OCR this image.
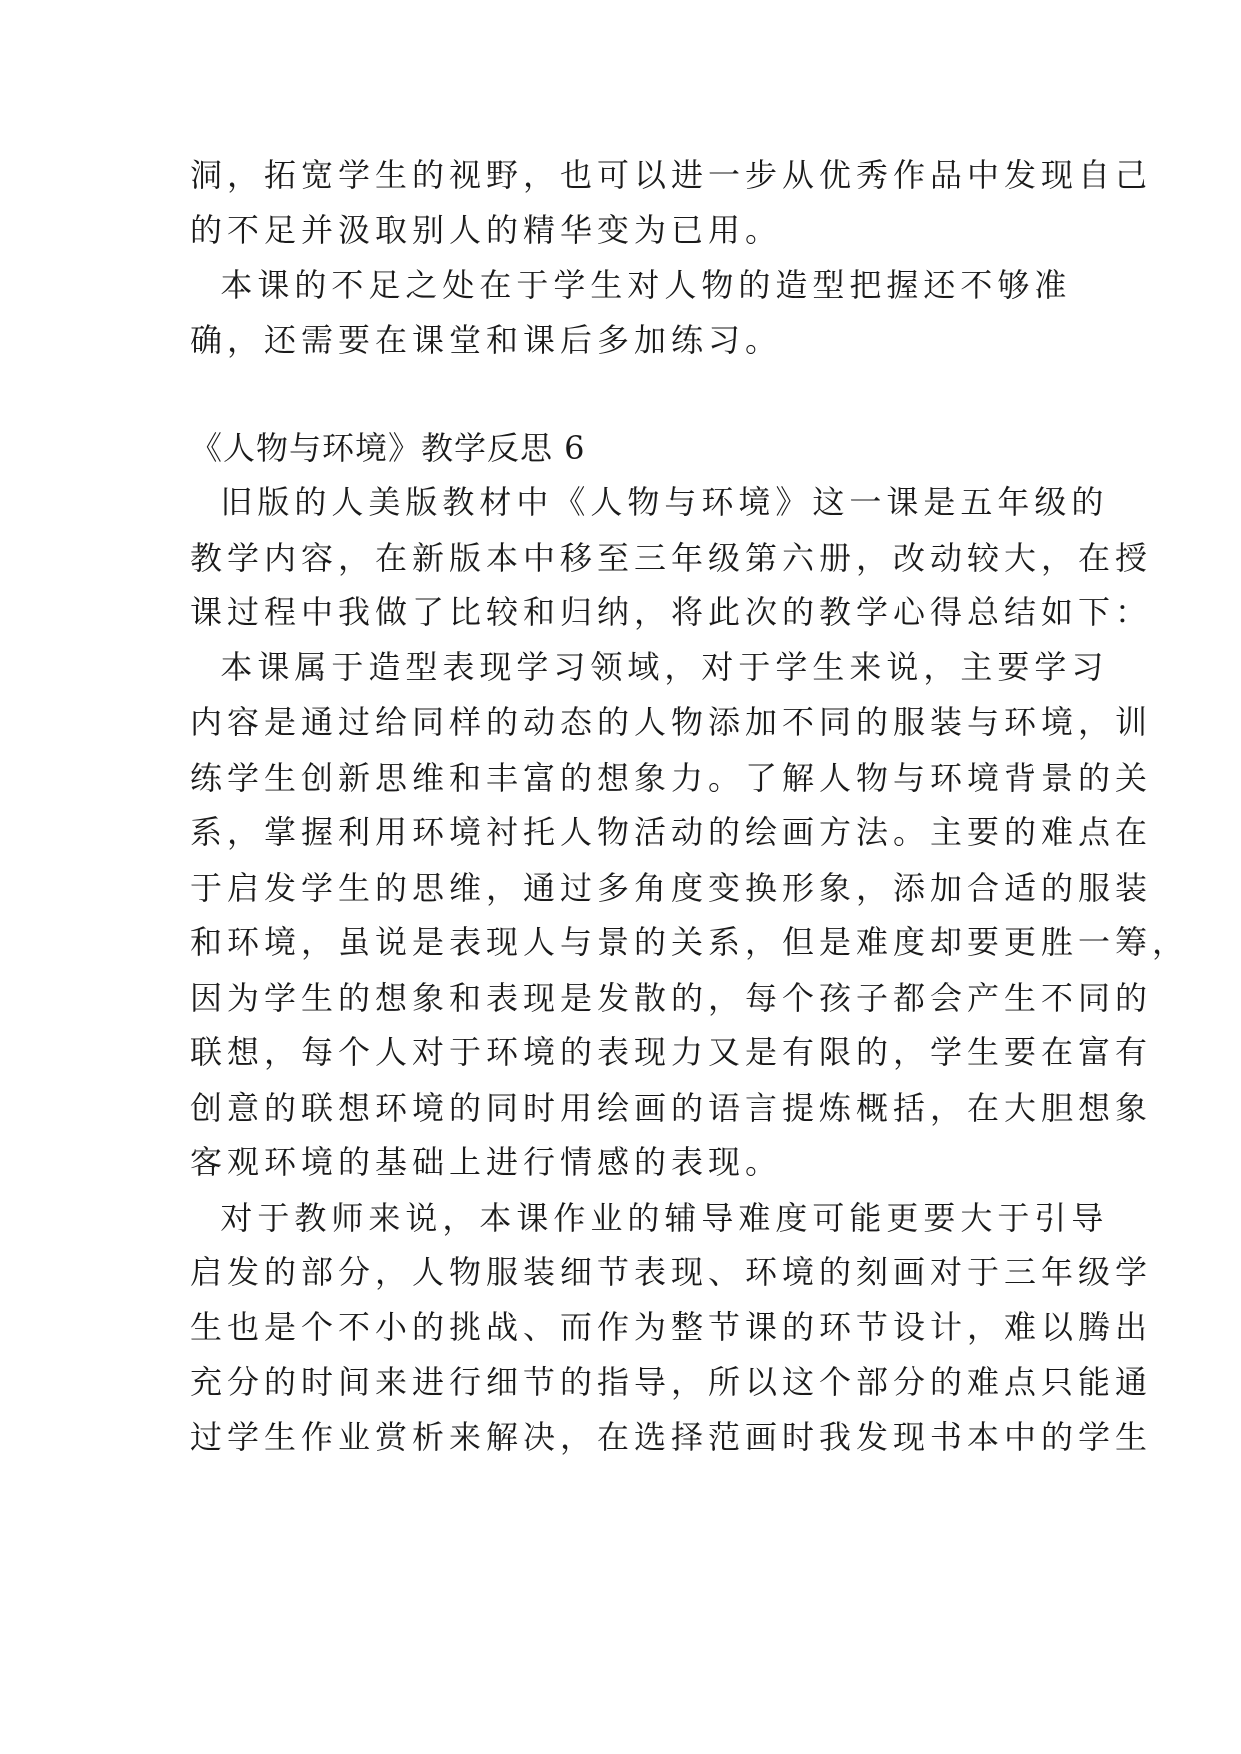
洞，拓宽学生的视野，也可以进一步从优秀作品中发现自己
的不足并汲取别人的精华变为已用。
本课的不足之处在于学生对人物的造型把握还不够准
确，还需要在课堂和课后多加练习。
《人物与环境》教学反思 6
旧版的人美版教材中《人物与环境》这一课是五年级的
教学内容，在新版本中移至三年级第六册，改动较大，在授
课过程中我做了比较和归纳，将此次的教学心得总结如下：
本课属于造型表现学习领域，对于学生来说，主要学习
内容是通过给同样的动态的人物添加不同的服装与环境，训
练学生创新思维和丰富的想象力。了解人物与环境背景的关
系，掌握利用环境衬托人物活动的绘画方法。主要的难点在
于启发学生的思维，通过多角度变换形象，添加合适的服装
和环境，虽说是表现人与景的关系，但是难度却要更胜一筹，
因为学生的想象和表现是发散的，每个孩子都会产生不同的
联想，每个人对于环境的表现力又是有限的，学生要在富有
创意的联想环境的同时用绘画的语言提炼概括，在大胆想象
客观环境的基础上进行情感的表现。
对于教师来说，本课作业的辅导难度可能更要大于引导
启发的部分，人物服装细节表现、环境的刻画对于三年级学
生也是个不小的挑战、而作为整节课的环节设计，难以腾出
充分的时间来进行细节的指导，所以这个部分的难点只能通
过学生作业赏析来解决，在选择范画时我发现书本中的学生
